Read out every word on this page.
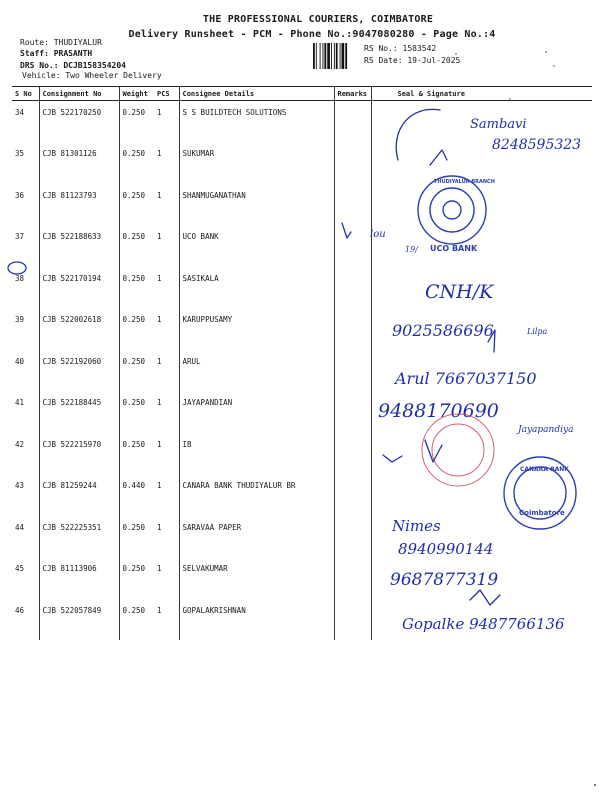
THE PROFESSIONAL COURIERS, COIMBATORE
Delivery Runsheet - PCM - Phone No.:9047080280 - Page No.:4
Route: THUDIYALUR
Staff: PRASANTH
DRS No.: DCJB158354204
Vehicle: Two Wheeler Delivery
RS No.: 1583542
RS Date: 19-Jul-2025
S No	Consignment No	Weight	PCS	Consignee Details	Remarks	Seal & Signature
34	CJB 522170250	0.250	1	S S BUILDTECH SOLUTIONS		
35	CJB 81301126	0.250	1	SUKUMAR		
36	CJB 81123793	0.250	1	SHANMUGANATHAN		
37	CJB 522188633	0.250	1	UCO BANK		
38	CJB 522170194	0.250	1	SASIKALA		
39	CJB 522002618	0.250	1	KARUPPUSAMY		
40	CJB 522192060	0.250	1	ARUL		
41	CJB 522188445	0.250	1	JAYAPANDIAN		
42	CJB 522215970	0.250	1	IB		
43	CJB 81259244	0.440	1	CANARA BANK THUDIYALUR BR		
44	CJB 522225351	0.250	1	SARAVAA PAPER		
45	CJB 81113906	0.250	1	SELVAKUMAR		
46	CJB 522057849	0.250	1	GOPALAKRISHNAN		
Sambavi
8248595323
lou
19/ UCO BANK
THUDIYALUR BRANCH
CNH/K
9025586696	Lilpa
Arul 7667037150
9488170690
Jayapandiya
CANARA BANK
Coimbatore
Nimes
8940990144
9687877319
Gopalke 9487766136
